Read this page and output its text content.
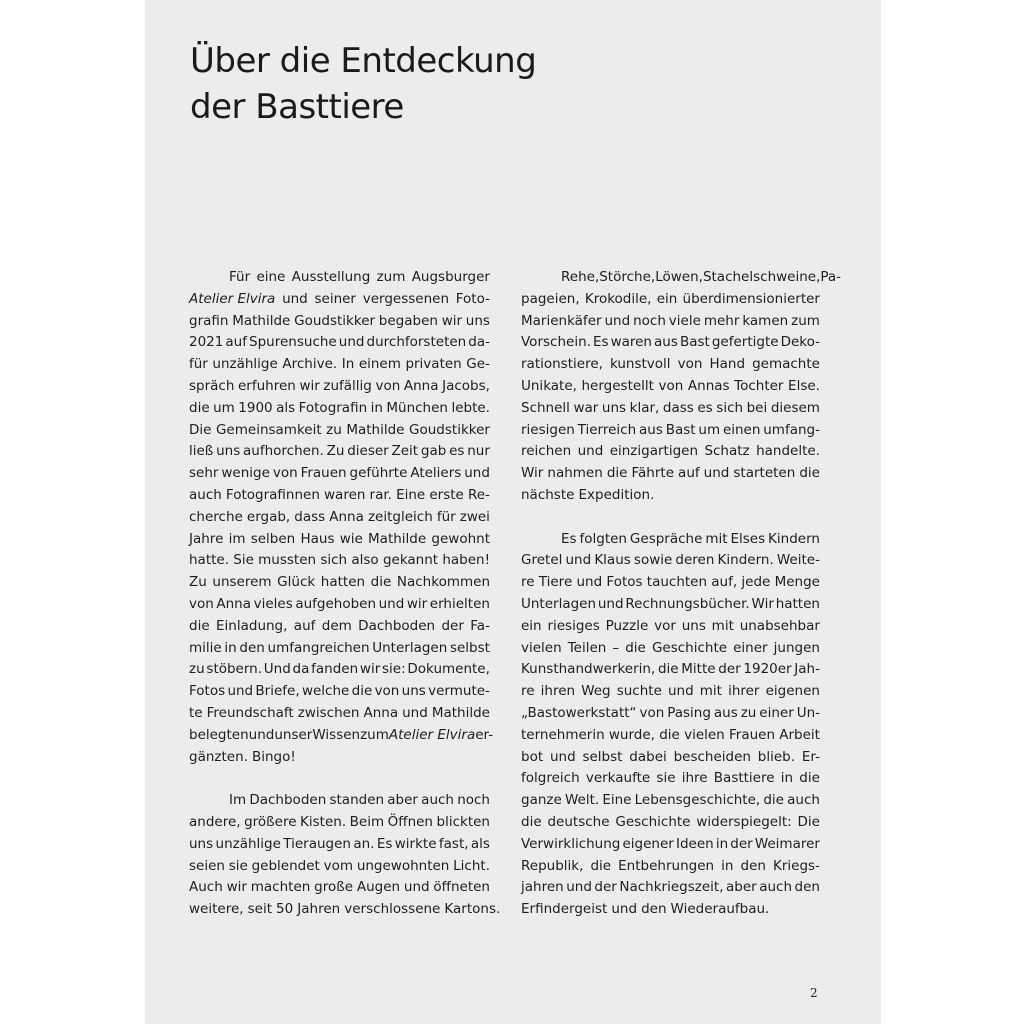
Über die Entdeckung
der Basttiere
Für eine Ausstellung zum Augsburger
Atelier Elvira und seiner vergessenen Foto-
grafin Mathilde Goudstikker begaben wir uns
2021 auf Spurensuche und durchforsteten da-
für unzählige Archive. In einem privaten Ge-
spräch erfuhren wir zufällig von Anna Jacobs,
die um 1900 als Fotografin in München lebte.
Die Gemeinsamkeit zu Mathilde Goudstikker
ließ uns aufhorchen. Zu dieser Zeit gab es nur
sehr wenige von Frauen geführte Ateliers und
auch Fotografinnen waren rar. Eine erste Re-
cherche ergab, dass Anna zeitgleich für zwei
Jahre im selben Haus wie Mathilde gewohnt
hatte. Sie mussten sich also gekannt haben!
Zu unserem Glück hatten die Nachkommen
von Anna vieles aufgehoben und wir erhielten
die Einladung, auf dem Dachboden der Fa-
milie in den umfangreichen Unterlagen selbst
zu stöbern. Und da fanden wir sie: Dokumente,
Fotos und Briefe, welche die von uns vermute-
te Freundschaft zwischen Anna und Mathilde
belegten und unser Wissen zum Atelier Elvira er-
gänzten. Bingo!
Im Dachboden standen aber auch noch
andere, größere Kisten. Beim Öffnen blickten
uns unzählige Tieraugen an. Es wirkte fast, als
seien sie geblendet vom ungewohnten Licht.
Auch wir machten große Augen und öffneten
weitere, seit 50 Jahren verschlossene Kartons.
Rehe, Störche, Löwen, Stachelschweine, Pa-
pageien, Krokodile, ein überdimensionierter
Marienkäfer und noch viele mehr kamen zum
Vorschein. Es waren aus Bast gefertigte Deko-
rationstiere, kunstvoll von Hand gemachte
Unikate, hergestellt von Annas Tochter Else.
Schnell war uns klar, dass es sich bei diesem
riesigen Tierreich aus Bast um einen umfang-
reichen und einzigartigen Schatz handelte.
Wir nahmen die Fährte auf und starteten die
nächste Expedition.
Es folgten Gespräche mit Elses Kindern
Gretel und Klaus sowie deren Kindern. Weite-
re Tiere und Fotos tauchten auf, jede Menge
Unterlagen und Rechnungsbücher. Wir hatten
ein riesiges Puzzle vor uns mit unabsehbar
vielen Teilen – die Geschichte einer jungen
Kunsthandwerkerin, die Mitte der 1920er Jah-
re ihren Weg suchte und mit ihrer eigenen
„Bastowerkstatt“ von Pasing aus zu einer Un-
ternehmerin wurde, die vielen Frauen Arbeit
bot und selbst dabei bescheiden blieb. Er-
folgreich verkaufte sie ihre Basttiere in die
ganze Welt. Eine Lebensgeschichte, die auch
die deutsche Geschichte widerspiegelt: Die
Verwirklichung eigener Ideen in der Weimarer
Republik, die Entbehrungen in den Kriegs-
jahren und der Nachkriegszeit, aber auch den
Erfindergeist und den Wiederaufbau.
2
